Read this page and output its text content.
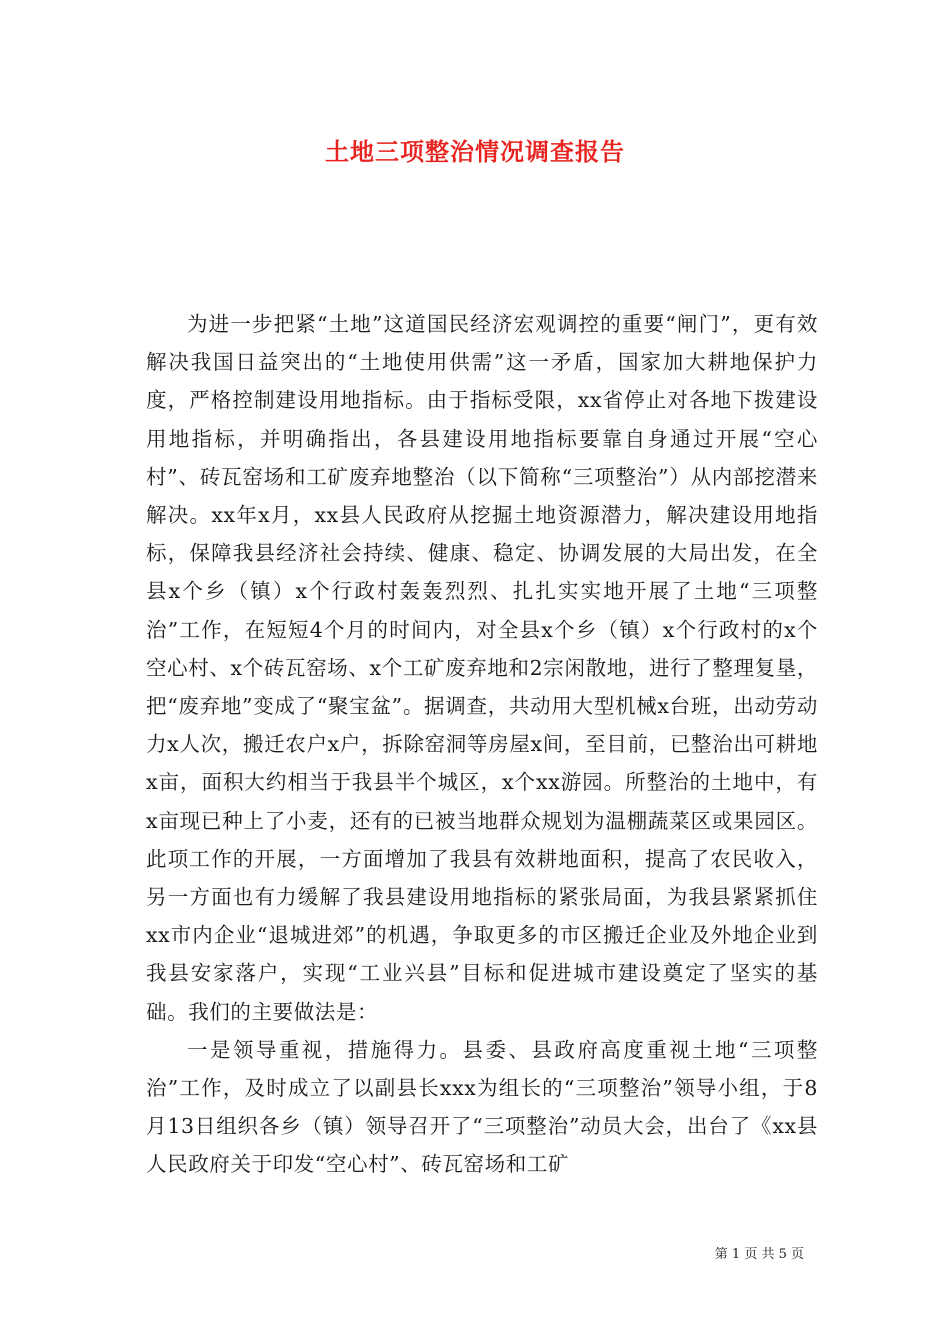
土地三项整治情况调查报告

为进一步把紧“土地”这道国民经济宏观调控的重要“闸门”，更有效解决我国日益突出的“土地使用供需”这一矛盾，国家加大耕地保护力度，严格控制建设用地指标。由于指标受限，xx省停止对各地下拨建设用地指标，并明确指出，各县建设用地指标要靠自身通过开展“空心村”、砖瓦窑场和工矿废弃地整治（以下简称“三项整治”）从内部挖潜来解决。xx年x月，xx县人民政府从挖掘土地资源潜力，解决建设用地指标，保障我县经济社会持续、健康、稳定、协调发展的大局出发，在全县x个乡（镇）x个行政村轰轰烈烈、扎扎实实地开展了土地“三项整治”工作，在短短4个月的时间内，对全县x个乡（镇）x个行政村的x个空心村、x个砖瓦窑场、x个工矿废弃地和2宗闲散地，进行了整理复垦，把“废弃地”变成了“聚宝盆”。据调查，共动用大型机械x台班，出动劳动力x人次，搬迁农户x户，拆除窑洞等房屋x间，至目前，已整治出可耕地x亩，面积大约相当于我县半个城区，x个xx游园。所整治的土地中，有x亩现已种上了小麦，还有的已被当地群众规划为温棚蔬菜区或果园区。此项工作的开展，一方面增加了我县有效耕地面积，提高了农民收入，另一方面也有力缓解了我县建设用地指标的紧张局面，为我县紧紧抓住xx市内企业“退城进郊”的机遇，争取更多的市区搬迁企业及外地企业到我县安家落户，实现“工业兴县”目标和促进城市建设奠定了坚实的基础。我们的主要做法是：

一是领导重视，措施得力。县委、县政府高度重视土地“三项整治”工作，及时成立了以副县长xxx为组长的“三项整治”领导小组，于8月13日组织各乡（镇）领导召开了“三项整治”动员大会，出台了《xx县人民政府关于印发“空心村”、砖瓦窑场和工矿

第 1 页 共 5 页
